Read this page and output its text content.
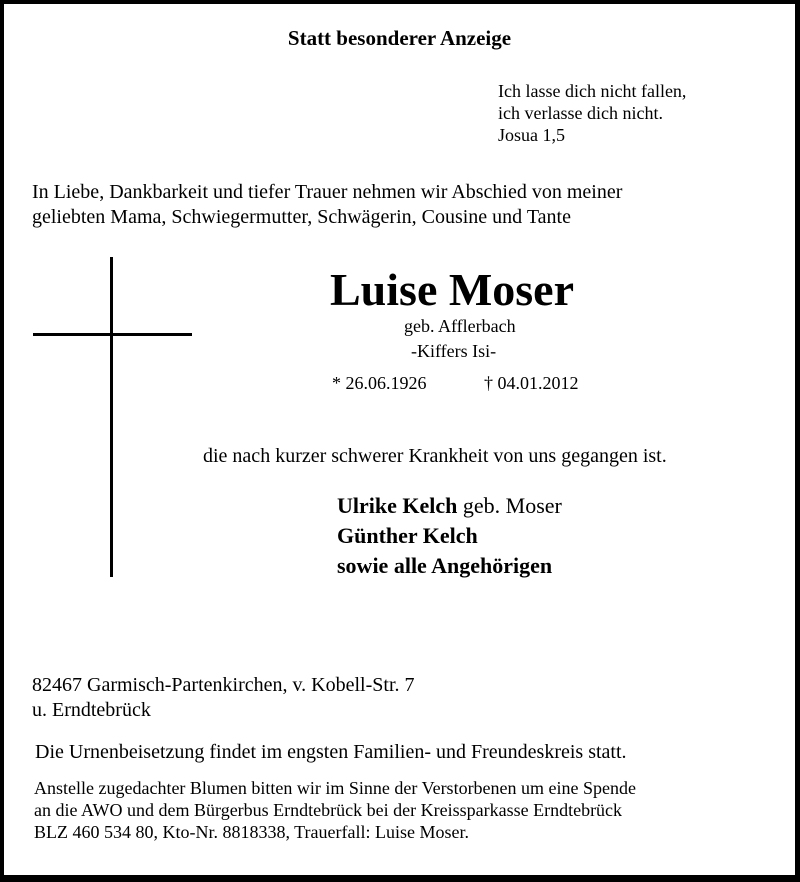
Statt besonderer Anzeige
Ich lasse dich nicht fallen,
ich verlasse dich nicht.
Josua 1,5
In Liebe, Dankbarkeit und tiefer Trauer nehmen wir Abschied von meiner
geliebten Mama, Schwiegermutter, Schwägerin, Cousine und Tante
Luise Moser
geb. Afflerbach
-Kiffers Isi-
* 26.06.1926	† 04.01.2012
die nach kurzer schwerer Krankheit von uns gegangen ist.
Ulrike Kelch geb. Moser
Günther Kelch
sowie alle Angehörigen
82467 Garmisch-Partenkirchen, v. Kobell-Str. 7
u. Erndtebrück
Die Urnenbeisetzung findet im engsten Familien- und Freundeskreis statt.
Anstelle zugedachter Blumen bitten wir im Sinne der Verstorbenen um eine Spende
an die AWO und dem Bürgerbus Erndtebrück bei der Kreissparkasse Erndtebrück
BLZ 460 534 80, Kto-Nr. 8818338, Trauerfall: Luise Moser.
